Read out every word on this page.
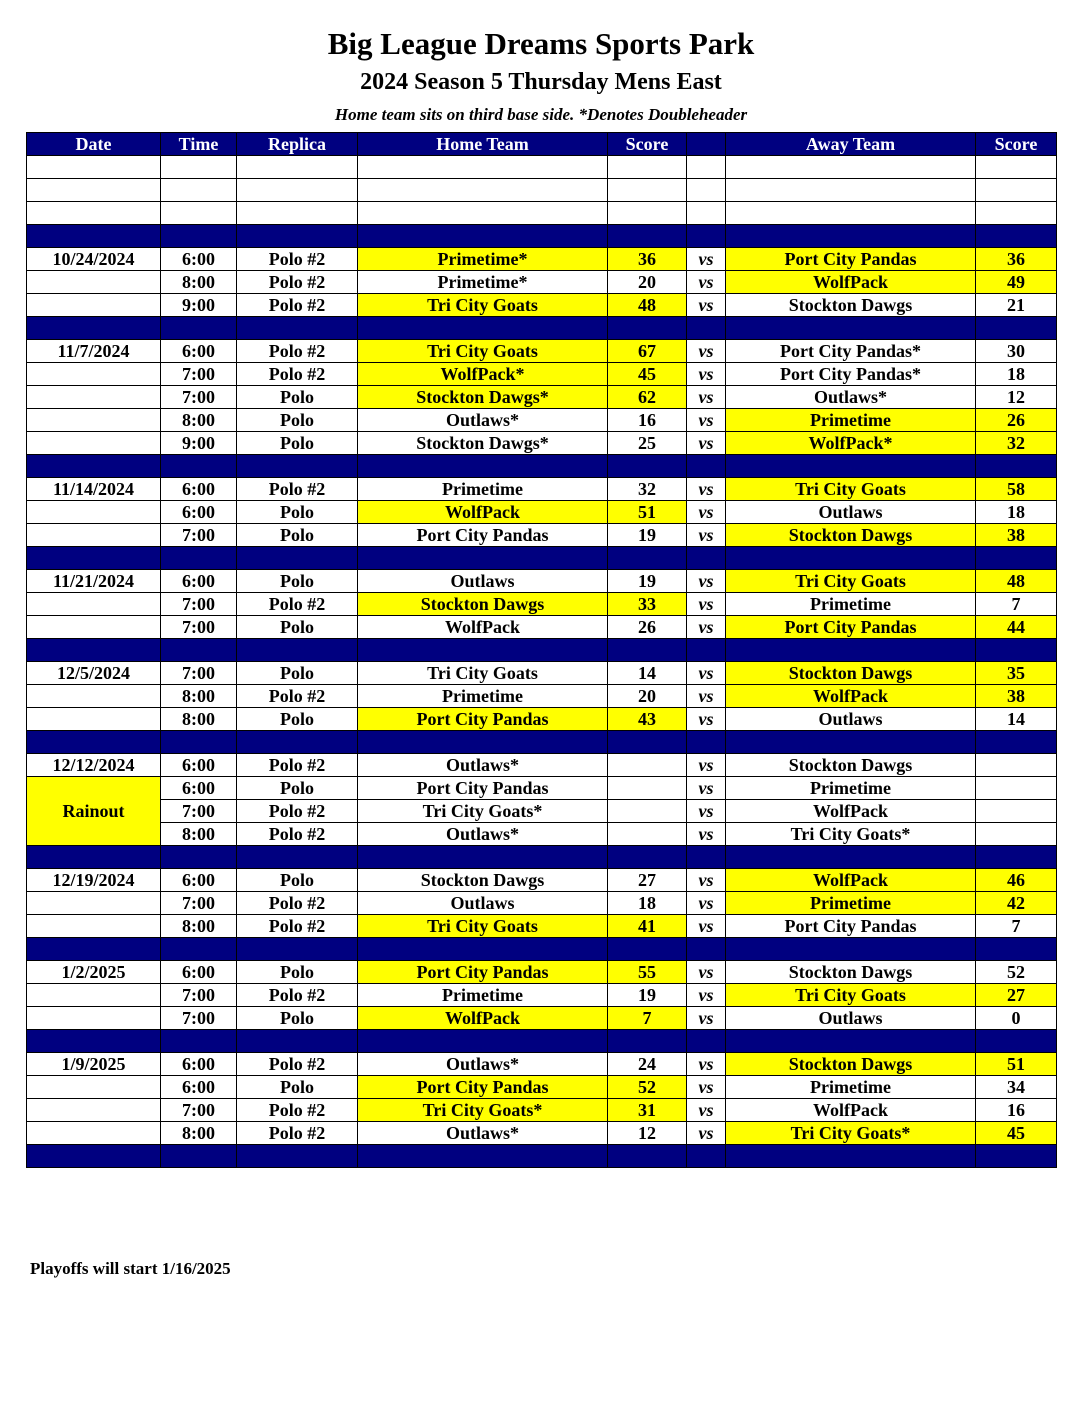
Big League Dreams Sports Park
2024 Season 5 Thursday Mens East
Home team sits on third base side. *Denotes Doubleheader
Date	Time	Replica	Home Team	Score		Away Team	Score

10/24/2024	6:00	Polo #2	Primetime*	36	vs	Port City Pandas	36
	8:00	Polo #2	Primetime*	20	vs	WolfPack	49
	9:00	Polo #2	Tri City Goats	48	vs	Stockton Dawgs	21

11/7/2024	6:00	Polo #2	Tri City Goats	67	vs	Port City Pandas*	30
	7:00	Polo #2	WolfPack*	45	vs	Port City Pandas*	18
	7:00	Polo	Stockton Dawgs*	62	vs	Outlaws*	12
	8:00	Polo	Outlaws*	16	vs	Primetime	26
	9:00	Polo	Stockton Dawgs*	25	vs	WolfPack*	32

11/14/2024	6:00	Polo #2	Primetime	32	vs	Tri City Goats	58
	6:00	Polo	WolfPack	51	vs	Outlaws	18
	7:00	Polo	Port City Pandas	19	vs	Stockton Dawgs	38

11/21/2024	6:00	Polo	Outlaws	19	vs	Tri City Goats	48
	7:00	Polo #2	Stockton Dawgs	33	vs	Primetime	7
	7:00	Polo	WolfPack	26	vs	Port City Pandas	44

12/5/2024	7:00	Polo	Tri City Goats	14	vs	Stockton Dawgs	35
	8:00	Polo #2	Primetime	20	vs	WolfPack	38
	8:00	Polo	Port City Pandas	43	vs	Outlaws	14

12/12/2024	6:00	Polo #2	Outlaws*		vs	Stockton Dawgs	
Rainout	6:00	Polo	Port City Pandas		vs	Primetime	
	7:00	Polo #2	Tri City Goats*		vs	WolfPack	
	8:00	Polo #2	Outlaws*		vs	Tri City Goats*	

12/19/2024	6:00	Polo	Stockton Dawgs	27	vs	WolfPack	46
	7:00	Polo #2	Outlaws	18	vs	Primetime	42
	8:00	Polo #2	Tri City Goats	41	vs	Port City Pandas	7

1/2/2025	6:00	Polo	Port City Pandas	55	vs	Stockton Dawgs	52
	7:00	Polo #2	Primetime	19	vs	Tri City Goats	27
	7:00	Polo	WolfPack	7	vs	Outlaws	0

1/9/2025	6:00	Polo #2	Outlaws*	24	vs	Stockton Dawgs	51
	6:00	Polo	Port City Pandas	52	vs	Primetime	34
	7:00	Polo #2	Tri City Goats*	31	vs	WolfPack	16
	8:00	Polo #2	Outlaws*	12	vs	Tri City Goats*	45

Playoffs will start 1/16/2025
